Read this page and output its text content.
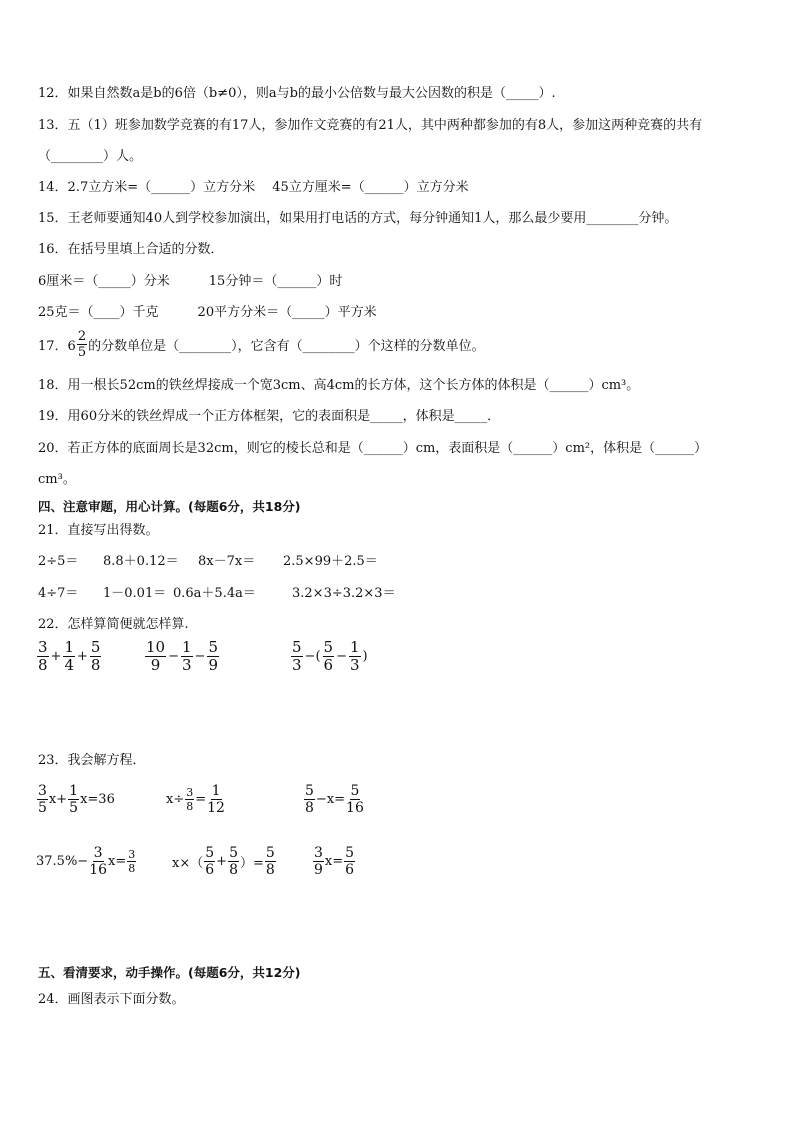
12．如果自然数a是b的6倍（b≠0），则a与b的最小公倍数与最大公因数的积是（_____）.
13．五（1）班参加数学竞赛的有17人，参加作文竞赛的有21人，其中两种都参加的有8人，参加这两种竞赛的共有
（________）人。
14．2.7立方米=（______）立方分米　 45立方厘米=（______）立方分米
15．王老师要通知40人到学校参加演出，如果用打电话的方式，每分钟通知1人，那么最少要用________分钟。
16．在括号里填上合适的分数．
6厘米＝（_____）分米　　　15分钟＝（______）时
25克＝（____）千克　　　20平方分米＝（_____）平方米
17．$6 \frac{2}{5}$ 的分数单位是（________），它含有（________）个这样的分数单位。
18．用一根长52cm的铁丝焊接成一个宽3cm、高4cm的长方体，这个长方体的体积是（______）cm³。
19．用60分米的铁丝焊成一个正方体框架，它的表面积是_____，体积是_____．
20．若正方体的底面周长是32cm，则它的棱长总和是（______）cm，表面积是（______）cm²，体积是（______）
cm³。
四、注意审题，用心计算。(每题6分，共18分)
21．直接写出得数。
2÷5＝ 8.8＋0.12＝ 8x－7x＝ 2.5×99＋2.5＝
4÷7＝ 1－0.01＝ 0.6a＋5.4a＝	3.2×3÷3.2×3＝
22．怎样算简便就怎样算.
$\frac{3}{8} + \frac{1}{4} + \frac{5}{8}$	$\frac{10}{9} - \frac{1}{3} - \frac{5}{9}$	$\frac{5}{3}$ −( $\frac{5}{6} - \frac{1}{3}$ )
23．我会解方程．
$\frac{3}{5} x+ \frac{1}{5} x=36$	$x\div \frac{3}{8} = \frac{1}{12}$	$\frac{5}{8} -x= \frac{5}{16}$
$37.5\%- \frac{3}{16} x= \frac{3}{8}$	$x\times( \frac{5}{6} + \frac{5}{8}$ ）= $\frac{5}{8}$	$\frac{3}{9} x= \frac{5}{6}$
五、看清要求，动手操作。(每题6分，共12分)
24．画图表示下面分数。
